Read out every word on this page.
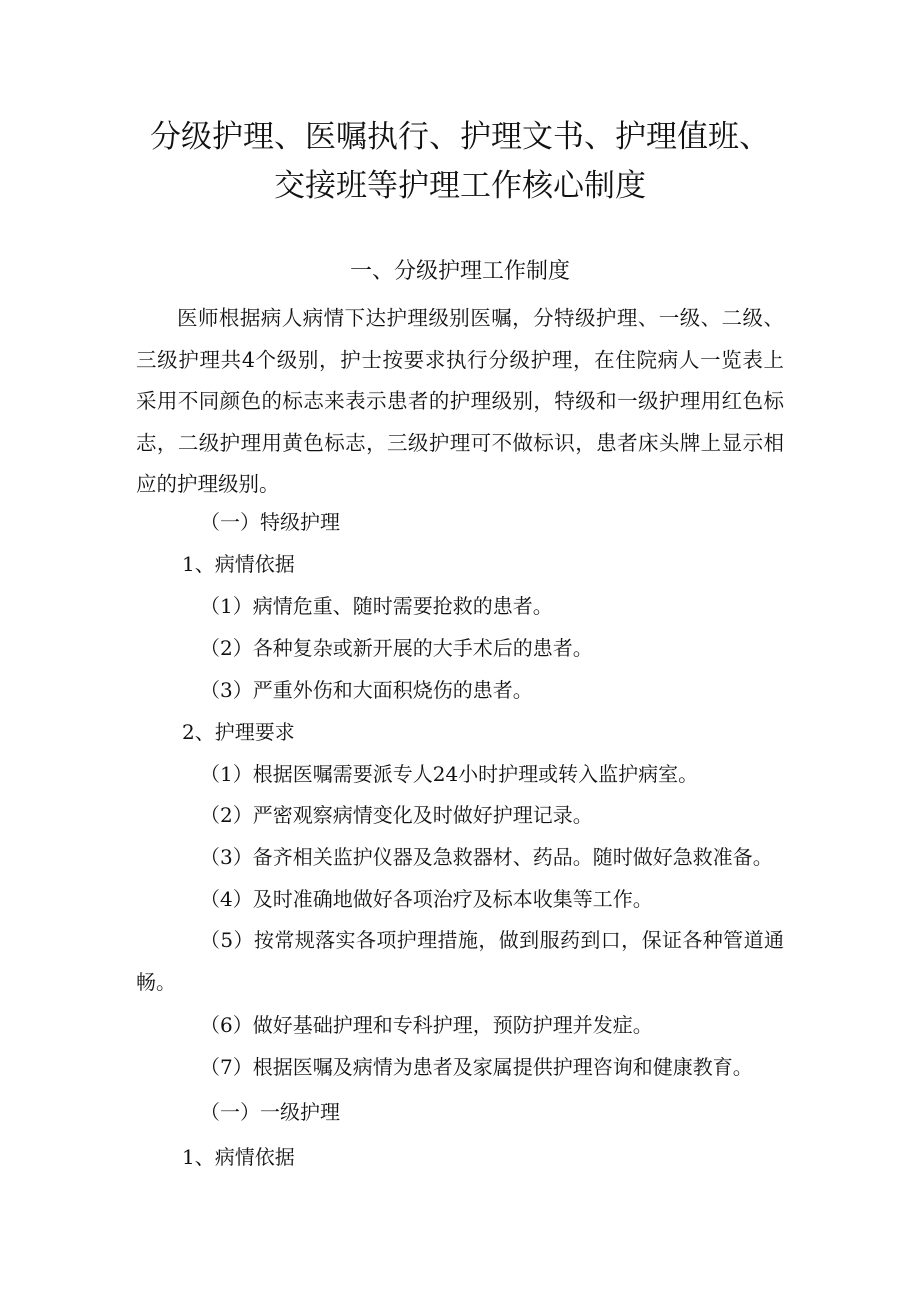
分级护理、医嘱执行、护理文书、护理值班、
交接班等护理工作核心制度
一、分级护理工作制度

医师根据病人病情下达护理级别医嘱，分特级护理、一级、二级、三级护理共4个级别，护士按要求执行分级护理，在住院病人一览表上采用不同颜色的标志来表示患者的护理级别，特级和一级护理用红色标志，二级护理用黄色标志，三级护理可不做标识，患者床头牌上显示相应的护理级别。

（一）特级护理
1、病情依据
（1）病情危重、随时需要抢救的患者。
（2）各种复杂或新开展的大手术后的患者。
（3）严重外伤和大面积烧伤的患者。
2、护理要求
（1）根据医嘱需要派专人24小时护理或转入监护病室。
（2）严密观察病情变化及时做好护理记录。
（3）备齐相关监护仪器及急救器材、药品。随时做好急救准备。
（4）及时准确地做好各项治疗及标本收集等工作。

（5）按常规落实各项护理措施，做到服药到口，保证各种管道通畅。

（6）做好基础护理和专科护理，预防护理并发症。
（7）根据医嘱及病情为患者及家属提供护理咨询和健康教育。
（一）一级护理
1、病情依据
